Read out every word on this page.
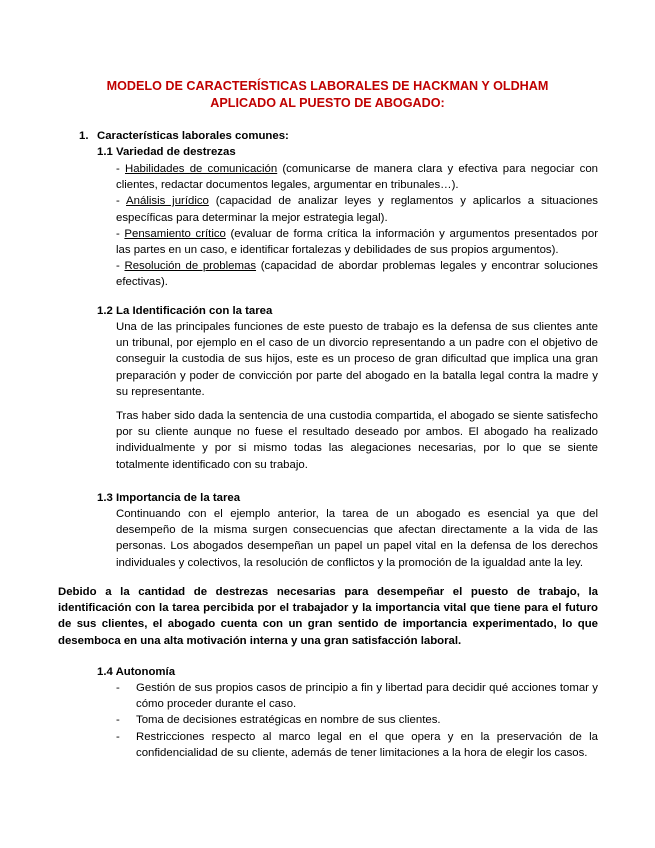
MODELO DE CARACTERÍSTICAS LABORALES DE HACKMAN Y OLDHAM
APLICADO AL PUESTO DE ABOGADO:
1. Características laborales comunes:
1.1 Variedad de destrezas
- Habilidades de comunicación (comunicarse de manera clara y efectiva para negociar con clientes, redactar documentos legales, argumentar en tribunales…).
- Análisis jurídico (capacidad de analizar leyes y reglamentos y aplicarlos a situaciones específicas para determinar la mejor estrategia legal).
- Pensamiento crítico (evaluar de forma crítica la información y argumentos presentados por las partes en un caso, e identificar fortalezas y debilidades de sus propios argumentos).
- Resolución de problemas (capacidad de abordar problemas legales y encontrar soluciones efectivas).
1.2 La Identificación con la tarea
Una de las principales funciones de este puesto de trabajo es la defensa de sus clientes ante un tribunal, por ejemplo en el caso de un divorcio representando a un padre con el objetivo de conseguir la custodia de sus hijos, este es un proceso de gran dificultad que implica una gran preparación y poder de convicción por parte del abogado en la batalla legal contra la madre y su representante.
Tras haber sido dada la sentencia de una custodia compartida, el abogado se siente satisfecho por su cliente aunque no fuese el resultado deseado por ambos. El abogado ha realizado individualmente y por si mismo todas las alegaciones necesarias, por lo que se siente totalmente identificado con su trabajo.
1.3 Importancia de la tarea
Continuando con el ejemplo anterior, la tarea de un abogado es esencial ya que del desempeño de la misma surgen consecuencias que afectan directamente a la vida de las personas. Los abogados desempeñan un papel un papel vital en la defensa de los derechos individuales y colectivos, la resolución de conflictos y la promoción de la igualdad ante la ley.
Debido a la cantidad de destrezas necesarias para desempeñar el puesto de trabajo, la identificación con la tarea percibida por el trabajador y la importancia vital que tiene para el futuro de sus clientes, el abogado cuenta con un gran sentido de importancia experimentado, lo que desemboca en una alta motivación interna y una gran satisfacción laboral.
1.4 Autonomía
- Gestión de sus propios casos de principio a fin y libertad para decidir qué acciones tomar y cómo proceder durante el caso.
- Toma de decisiones estratégicas en nombre de sus clientes.
- Restricciones respecto al marco legal en el que opera y en la preservación de la confidencialidad de su cliente, además de tener limitaciones a la hora de elegir los casos.
